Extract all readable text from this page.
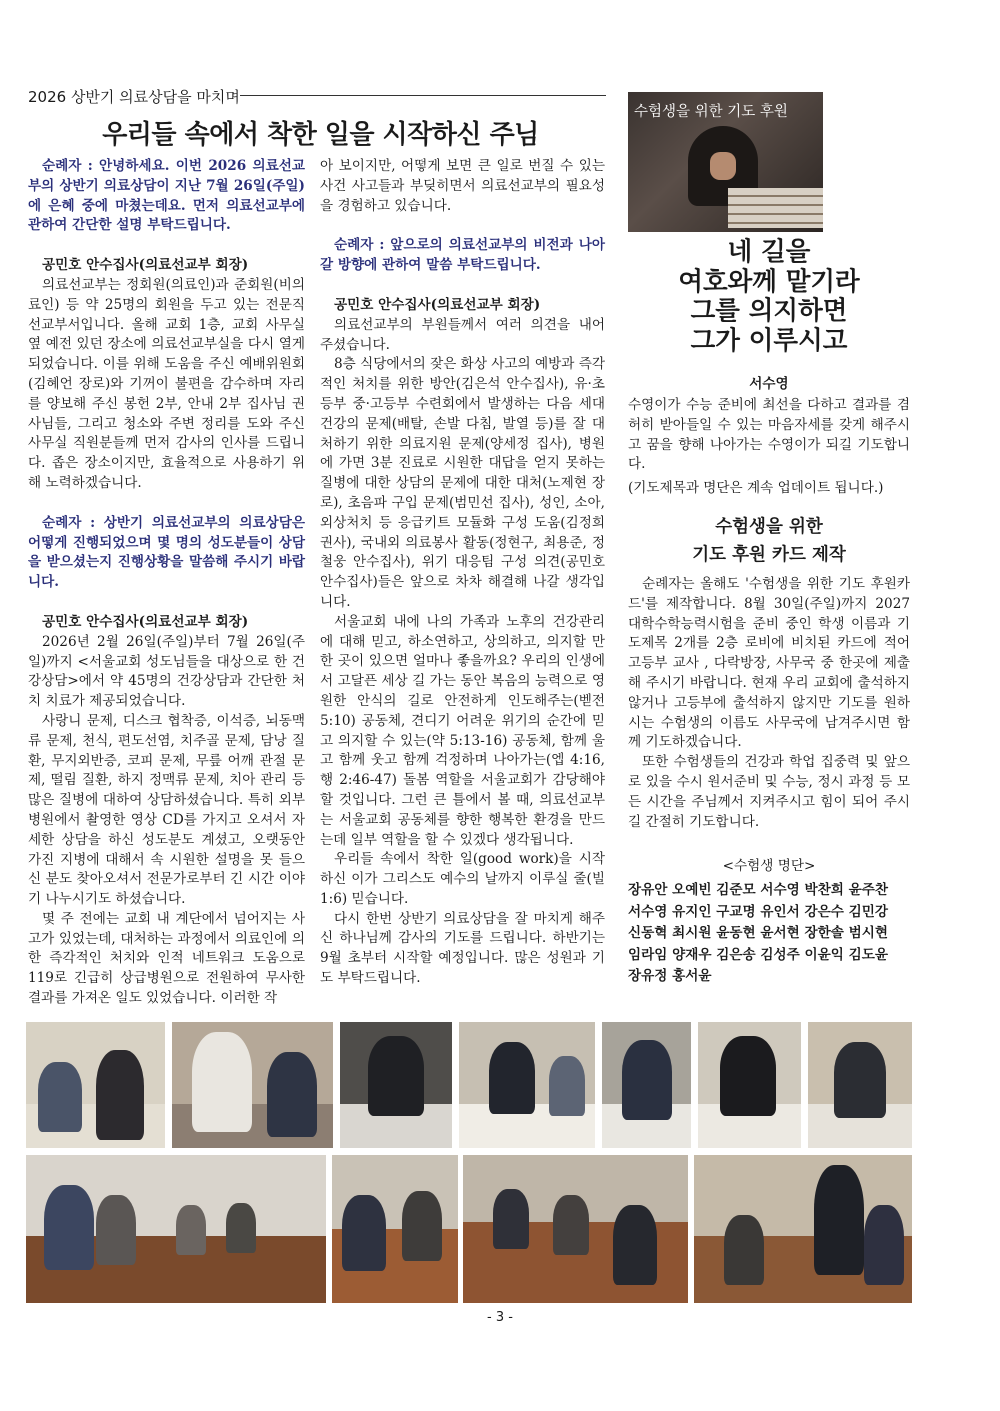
2026 상반기 의료상담을 마치며
우리들 속에서 착한 일을 시작하신 주님

순례자 : 안녕하세요. 이번 2026 의료선교부의 상반기 의료상담이 지난 7월 26일(주일)에 은혜 중에 마쳤는데요. 먼저 의료선교부에 관하여 간단한 설명 부탁드립니다.

공민호 안수집사(의료선교부 회장)

의료선교부는 정회원(의료인)과 준회원(비의료인) 등 약 25명의 회원을 두고 있는 전문직 선교부서입니다. 올해 교회 1층, 교회 사무실 옆 예전 있던 장소에 의료선교부실을 다시 열게 되었습니다. 이를 위해 도움을 주신 예배위원회(김혜언 장로)와 기꺼이 불편을 감수하며 자리를 양보해 주신 봉헌 2부, 안내 2부 집사님 권사님들, 그리고 청소와 주변 정리를 도와 주신 사무실 직원분들께 먼저 감사의 인사를 드립니다. 좁은 장소이지만, 효율적으로 사용하기 위해 노력하겠습니다.

순례자 : 상반기 의료선교부의 의료상담은 어떻게 진행되었으며 몇 명의 성도분들이 상담을 받으셨는지 진행상황을 말씀해 주시기 바랍니다.

공민호 안수집사(의료선교부 회장)

2026년 2월 26일(주일)부터 7월 26일(주일)까지 <서울교회 성도님들을 대상으로 한 건강상담>에서 약 45명의 건강상담과 간단한 처치 치료가 제공되었습니다.

사랑니 문제, 디스크 협착증, 이석증, 뇌동맥류 문제, 천식, 편도선염, 치주골 문제, 담낭 질환, 무지외반증, 코피 문제, 무릎 어깨 관절 문제, 떨림 질환, 하지 정맥류 문제, 치아 관리 등 많은 질병에 대하여 상담하셨습니다. 특히 외부 병원에서 촬영한 영상 CD를 가지고 오셔서 자세한 상담을 하신 성도분도 계셨고, 오랫동안 가진 지병에 대해서 속 시원한 설명을 못 들으신 분도 찾아오셔서 전문가로부터 긴 시간 이야기 나누시기도 하셨습니다.

몇 주 전에는 교회 내 계단에서 넘어지는 사고가 있었는데, 대처하는 과정에서 의료인에 의한 즉각적인 처치와 인적 네트워크 도움으로 119로 긴급히 상급병원으로 전원하여 무사한 결과를 가져온 일도 있었습니다. 이러한 작

아 보이지만, 어떻게 보면 큰 일로 번질 수 있는 사건 사고들과 부딪히면서 의료선교부의 필요성을 경험하고 있습니다.

순례자 : 앞으로의 의료선교부의 비전과 나아갈 방향에 관하여 말씀 부탁드립니다.

공민호 안수집사(의료선교부 회장)

의료선교부의 부원들께서 여러 의견을 내어 주셨습니다.

8층 식당에서의 잦은 화상 사고의 예방과 즉각적인 처치를 위한 방안(김은석 안수집사), 유·초등부 중·고등부 수련회에서 발생하는 다음 세대 건강의 문제(배탈, 손발 다침, 발열 등)를 잘 대처하기 위한 의료지원 문제(양세정 집사), 병원에 가면 3분 진료로 시원한 대답을 얻지 못하는 질병에 대한 상담의 문제에 대한 대처(노제현 장로), 초음파 구입 문제(범민선 집사), 성인, 소아, 외상처치 등 응급키트 모듈화 구성 도움(김정희 권사), 국내외 의료봉사 활동(정현구, 최용준, 정철웅 안수집사), 위기 대응팀 구성 의견(공민호 안수집사)들은 앞으로 차차 해결해 나갈 생각입니다.

서울교회 내에 나의 가족과 노후의 건강관리에 대해 믿고, 하소연하고, 상의하고, 의지할 만한 곳이 있으면 얼마나 좋을까요? 우리의 인생에서 고달픈 세상 길 가는 동안 복음의 능력으로 영원한 안식의 길로 안전하게 인도해주는(벧전 5:10) 공동체, 견디기 어려운 위기의 순간에 믿고 의지할 수 있는(약 5:13-16) 공동체, 함께 울고 함께 웃고 함께 걱정하며 나아가는(엡 4:16, 행 2:46-47) 돌봄 역할을 서울교회가 감당해야 할 것입니다. 그런 큰 틀에서 볼 때, 의료선교부는 서울교회 공동체를 향한 행복한 환경을 만드는데 일부 역할을 할 수 있겠다 생각됩니다.

우리들 속에서 착한 일(good work)을 시작하신 이가 그리스도 예수의 날까지 이루실 줄(빌 1:6) 믿습니다.

다시 한번 상반기 의료상담을 잘 마치게 해주신 하나님께 감사의 기도를 드립니다. 하반기는 9월 초부터 시작할 예정입니다. 많은 성원과 기도 부탁드립니다.

수험생을 위한 기도 후원
네 길을
여호와께 맡기라
그를 의지하면
그가 이루시고
서수영

수영이가 수능 준비에 최선을 다하고 결과를 겸허히 받아들일 수 있는 마음자세를 갖게 해주시고 꿈을 향해 나아가는 수영이가 되길 기도합니다.

(기도제목과 명단은 계속 업데이트 됩니다.)

수험생을 위한
기도 후원 카드 제작

순례자는 올해도 '수험생을 위한 기도 후원카드'를 제작합니다. 8월 30일(주일)까지 2027 대학수학능력시험을 준비 중인 학생 이름과 기도제목 2개를 2층 로비에 비치된 카드에 적어 고등부 교사 , 다락방장, 사무국 중 한곳에 제출해 주시기 바랍니다. 현재 우리 교회에 출석하지 않거나 고등부에 출석하지 않지만 기도를 원하시는 수험생의 이름도 사무국에 남겨주시면 함께 기도하겠습니다.

또한 수험생들의 건강과 학업 집중력 및 앞으로 있을 수시 원서준비 및 수능, 정시 과정 등 모든 시간을 주님께서 지켜주시고 힘이 되어 주시길 간절히 기도합니다.

<수험생 명단>
장유안 오예빈 김준모 서수영 박찬희 윤주찬
서수영 유지인 구교명 유인서 강은수 김민강
신동혁 최시원 윤동현 윤서현 장한솔 범시현
임라임 양재우 김은송 김성주 이윤익 김도윤
장유정 홍서윤
- 3 -
